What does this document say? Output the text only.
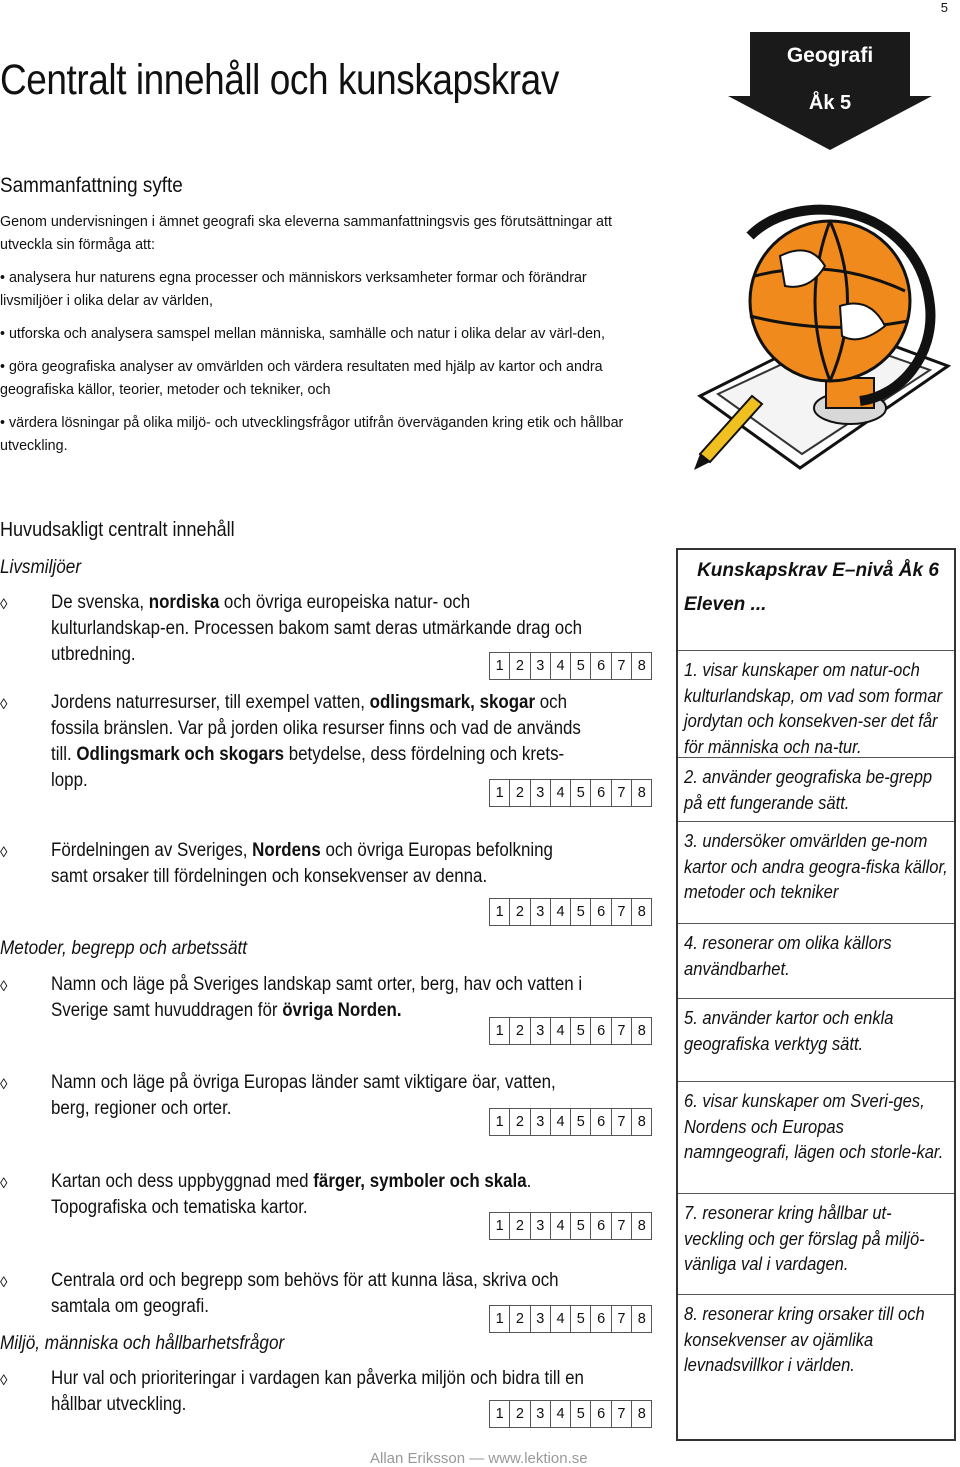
5
Centralt innehåll och kunskapskrav
Geografi
Åk 5
Sammanfattning syfte

Genom undervisningen i ämnet geografi ska eleverna sammanfattningsvis ges förutsättningar att utveckla sin förmåga att:

• analysera hur naturens egna processer och människors verksamheter formar och förändrar livsmiljöer i olika delar av världen,

• utforska och analysera samspel mellan människa, samhälle och natur i olika delar av värl-den,

• göra geografiska analyser av omvärlden och värdera resultaten med hjälp av kartor och andra geografiska källor, teorier, metoder och tekniker, och

• värdera lösningar på olika miljö- och utvecklingsfrågor utifrån överväganden kring etik och hållbar utveckling.

Huvudsakligt centralt innehåll
Livsmiljöer
Metoder, begrepp och arbetssätt
Miljö, människa och hållbarhetsfrågor
◊ De svenska, nordiska och övriga europeiska natur- och kulturlandskap-en. Processen bakom samt deras utmärkande drag och utbredning.
1 2 3 4 5 6 7 8
◊ Jordens naturresurser, till exempel vatten, odlingsmark, skogar och fossila bränslen. Var på jorden olika resurser finns och vad de används till. Odlingsmark och skogars betydelse, dess fördelning och krets-lopp.
1 2 3 4 5 6 7 8
◊ Fördelningen av Sveriges, Nordens och övriga Europas befolkning samt orsaker till fördelningen och konsekvenser av denna.
1 2 3 4 5 6 7 8
◊ Namn och läge på Sveriges landskap samt orter, berg, hav och vatten i Sverige samt huvuddragen för övriga Norden.
1 2 3 4 5 6 7 8
◊ Namn och läge på övriga Europas länder samt viktigare öar, vatten, berg, regioner och orter.
1 2 3 4 5 6 7 8
◊ Kartan och dess uppbyggnad med färger, symboler och skala. Topografiska och tematiska kartor.
1 2 3 4 5 6 7 8
◊ Centrala ord och begrepp som behövs för att kunna läsa, skriva och samtala om geografi.
1 2 3 4 5 6 7 8
◊ Hur val och prioriteringar i vardagen kan påverka miljön och bidra till en hållbar utveckling.	1 2 3 4 5 6 7 8
Kunskapskrav E–nivå Åk 6
Eleven ...
1. visar kunskaper om natur-och kulturlandskap, om vad som formar jordytan och konsekven-ser det får för människa och na-tur.
2. använder geografiska be-grepp på ett fungerande sätt.
3. undersöker omvärlden ge-nom kartor och andra geogra-fiska källor, metoder och tekniker
4. resonerar om olika källors användbarhet.
5. använder kartor och enkla geografiska verktyg sätt.
6. visar kunskaper om Sveri-ges, Nordens och Europas namngeografi, lägen och storle-kar.
7. resonerar kring hållbar ut-veckling och ger förslag på miljö-vänliga val i vardagen.
8. resonerar kring orsaker till och konsekvenser av ojämlika levnadsvillkor i världen.
Allan Eriksson — www.lektion.se
